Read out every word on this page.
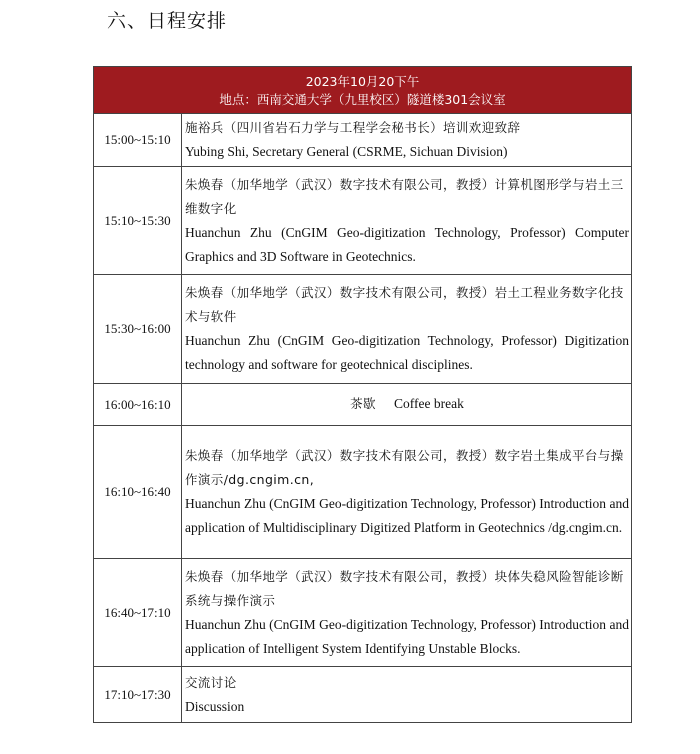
六、日程安排
2023年10月20下午
地点：西南交通大学（九里校区）隧道楼301会议室	

15:00~15:10	施裕兵（四川省岩石力学与工程学会秘书长）培训欢迎致辞
Yubing Shi, Secretary General (CSRME, Sichuan Division)

15:10~15:30	朱焕春（加华地学（武汉）数字技术有限公司，教授）计算机图形学与岩土三维数字化
Huanchun Zhu (CnGIM Geo-digitization Technology, Professor) Computer Graphics and 3D Software in Geotechnics.

15:30~16:00	朱焕春（加华地学（武汉）数字技术有限公司，教授）岩土工程业务数字化技术与软件
Huanchun Zhu (CnGIM Geo-digitization Technology, Professor) Digitization technology and software for geotechnical disciplines.

16:00~16:10	茶歇 Coffee break
16:10~16:40	朱焕春（加华地学（武汉）数字技术有限公司，教授）数字岩土集成平台与操作演示/dg.cngim.cn,
Huanchun Zhu (CnGIM Geo-digitization Technology, Professor) Introduction and application of Multidisciplinary Digitized Platform in Geotechnics /dg.cngim.cn.

16:40~17:10	朱焕春（加华地学（武汉）数字技术有限公司，教授）块体失稳风险智能诊断系统与操作演示
Huanchun Zhu (CnGIM Geo-digitization Technology, Professor) Introduction and application of Intelligent System Identifying Unstable Blocks.

17:10~17:30	交流讨论
Discussion
